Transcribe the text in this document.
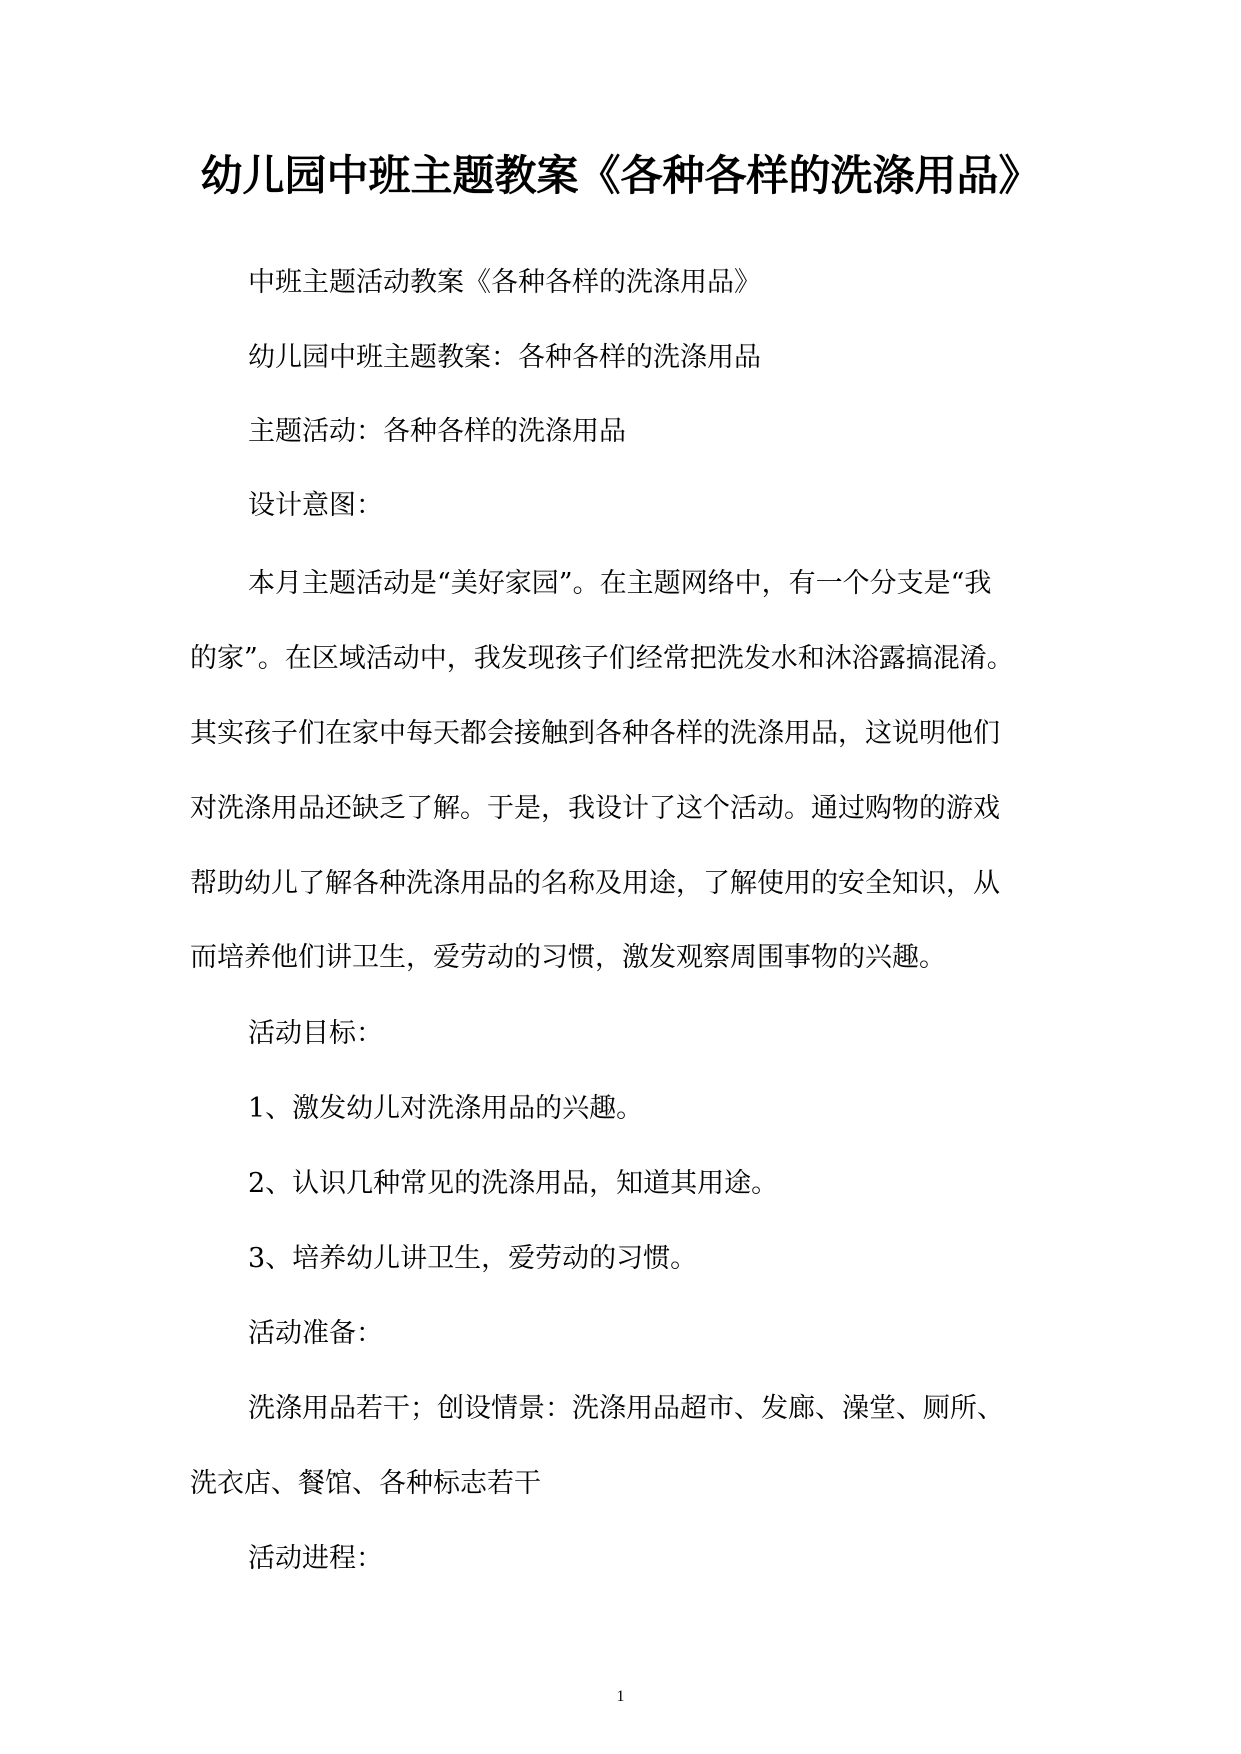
幼儿园中班主题教案《各种各样的洗涤用品》

中班主题活动教案《各种各样的洗涤用品》

幼儿园中班主题教案：各种各样的洗涤用品

主题活动：各种各样的洗涤用品

设计意图：

本月主题活动是“美好家园”。在主题网络中，有一个分支是“我

的家”。在区域活动中，我发现孩子们经常把洗发水和沐浴露搞混淆。

其实孩子们在家中每天都会接触到各种各样的洗涤用品，这说明他们

对洗涤用品还缺乏了解。于是，我设计了这个活动。通过购物的游戏

帮助幼儿了解各种洗涤用品的名称及用途，了解使用的安全知识，从

而培养他们讲卫生，爱劳动的习惯，激发观察周围事物的兴趣。

活动目标：

1、激发幼儿对洗涤用品的兴趣。

2、认识几种常见的洗涤用品，知道其用途。

3、培养幼儿讲卫生，爱劳动的习惯。

活动准备：

洗涤用品若干；创设情景：洗涤用品超市、发廊、澡堂、厕所、

洗衣店、餐馆、各种标志若干

活动进程：

1
